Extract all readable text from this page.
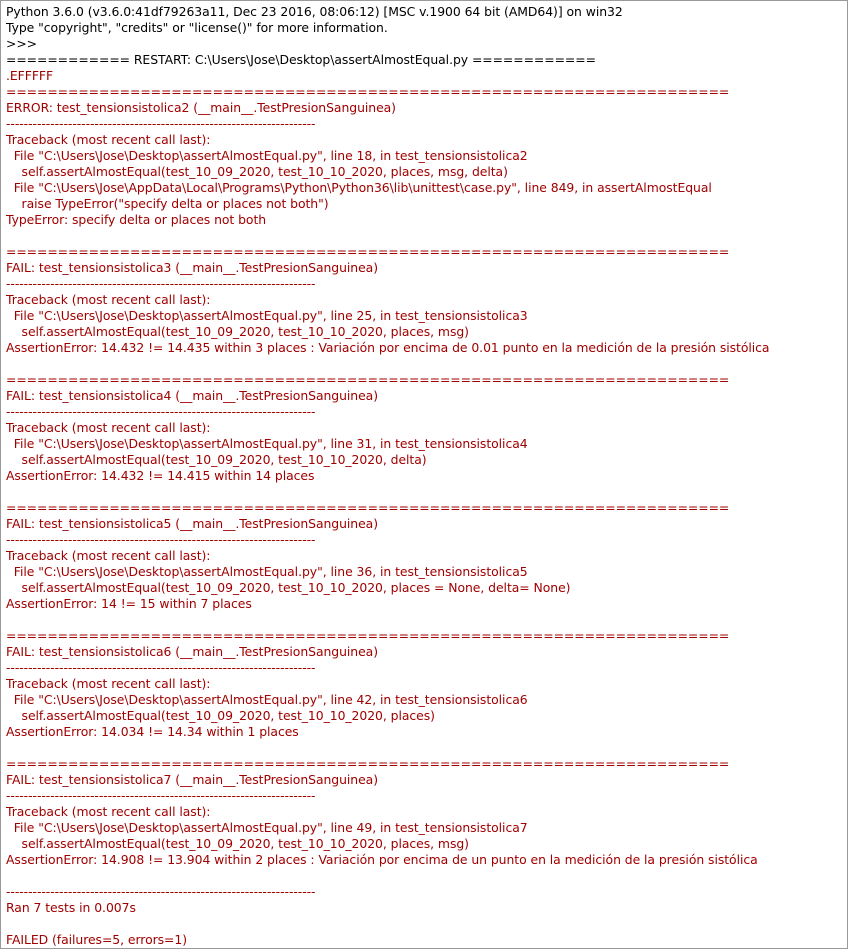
Python 3.6.0 (v3.6.0:41df79263a11, Dec 23 2016, 08:06:12) [MSC v.1900 64 bit (AMD64)] on win32
Type "copyright", "credits" or "license()" for more information.
>>>
============ RESTART: C:\Users\Jose\Desktop\assertAlmostEqual.py ============
.EFFFFF
======================================================================
ERROR: test_tensionsistolica2 (__main__.TestPresionSanguinea)
----------------------------------------------------------------------
Traceback (most recent call last):
File "C:\Users\Jose\Desktop\assertAlmostEqual.py", line 18, in test_tensionsistolica2
self.assertAlmostEqual(test_10_09_2020, test_10_10_2020, places, msg, delta)
File "C:\Users\Jose\AppData\Local\Programs\Python\Python36\lib\unittest\case.py", line 849, in assertAlmostEqual
raise TypeError("specify delta or places not both")
TypeError: specify delta or places not both
======================================================================
FAIL: test_tensionsistolica3 (__main__.TestPresionSanguinea)
----------------------------------------------------------------------
Traceback (most recent call last):
File "C:\Users\Jose\Desktop\assertAlmostEqual.py", line 25, in test_tensionsistolica3
self.assertAlmostEqual(test_10_09_2020, test_10_10_2020, places, msg)
AssertionError: 14.432 != 14.435 within 3 places : Variación por encima de 0.01 punto en la medición de la presión sistólica
======================================================================
FAIL: test_tensionsistolica4 (__main__.TestPresionSanguinea)
----------------------------------------------------------------------
Traceback (most recent call last):
File "C:\Users\Jose\Desktop\assertAlmostEqual.py", line 31, in test_tensionsistolica4
self.assertAlmostEqual(test_10_09_2020, test_10_10_2020, delta)
AssertionError: 14.432 != 14.415 within 14 places
======================================================================
FAIL: test_tensionsistolica5 (__main__.TestPresionSanguinea)
----------------------------------------------------------------------
Traceback (most recent call last):
File "C:\Users\Jose\Desktop\assertAlmostEqual.py", line 36, in test_tensionsistolica5
self.assertAlmostEqual(test_10_09_2020, test_10_10_2020, places = None, delta= None)
AssertionError: 14 != 15 within 7 places
======================================================================
FAIL: test_tensionsistolica6 (__main__.TestPresionSanguinea)
----------------------------------------------------------------------
Traceback (most recent call last):
File "C:\Users\Jose\Desktop\assertAlmostEqual.py", line 42, in test_tensionsistolica6
self.assertAlmostEqual(test_10_09_2020, test_10_10_2020, places)
AssertionError: 14.034 != 14.34 within 1 places
======================================================================
FAIL: test_tensionsistolica7 (__main__.TestPresionSanguinea)
----------------------------------------------------------------------
Traceback (most recent call last):
File "C:\Users\Jose\Desktop\assertAlmostEqual.py", line 49, in test_tensionsistolica7
self.assertAlmostEqual(test_10_09_2020, test_10_10_2020, places, msg)
AssertionError: 14.908 != 13.904 within 2 places : Variación por encima de un punto en la medición de la presión sistólica
----------------------------------------------------------------------
Ran 7 tests in 0.007s
FAILED (failures=5, errors=1)
